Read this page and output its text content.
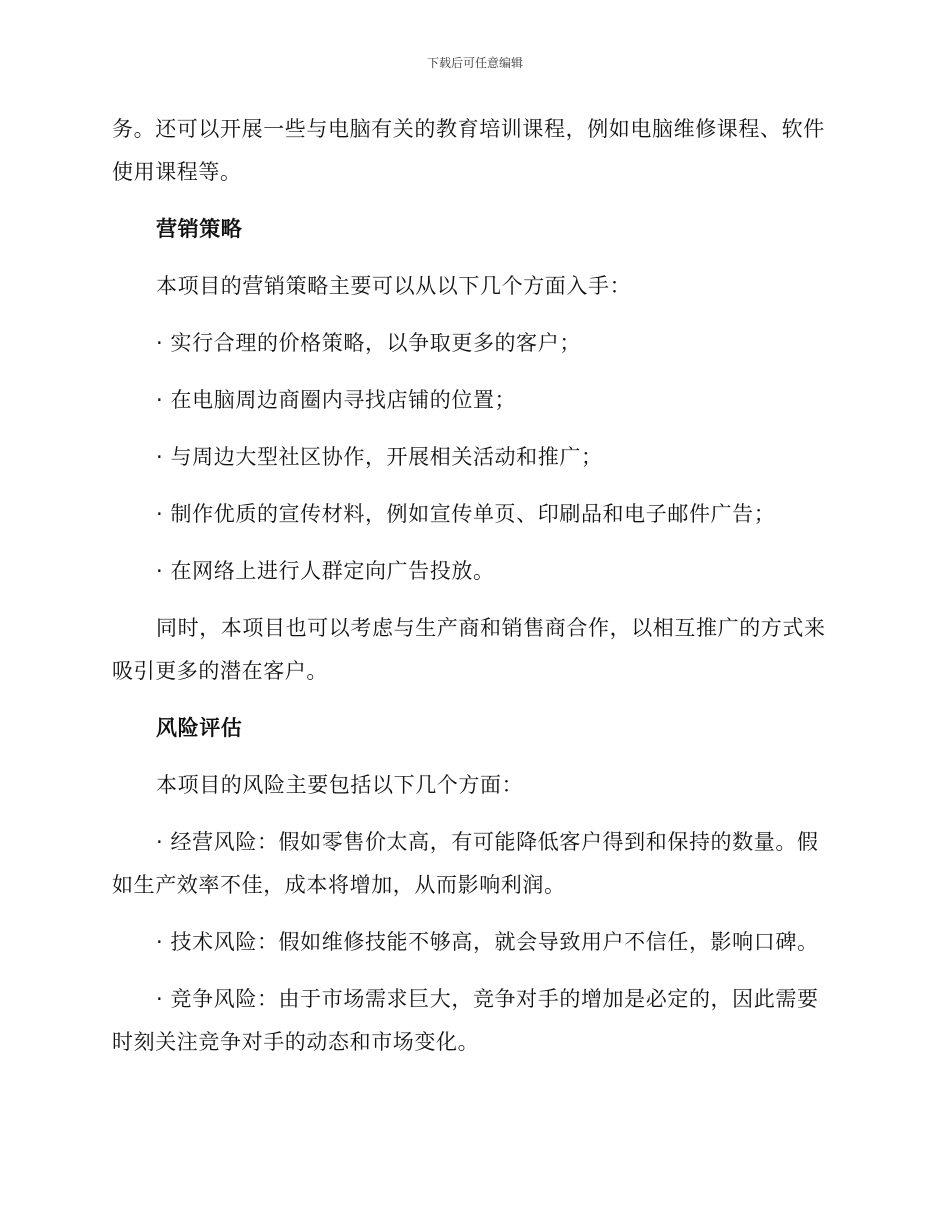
下载后可任意编辑

务。还可以开展一些与电脑有关的教育培训课程，例如电脑维修课程、软件使用课程等。

营销策略

本项目的营销策略主要可以从以下几个方面入手：

· 实行合理的价格策略，以争取更多的客户；

· 在电脑周边商圈内寻找店铺的位置；

· 与周边大型社区协作，开展相关活动和推广；

· 制作优质的宣传材料，例如宣传单页、印刷品和电子邮件广告；

· 在网络上进行人群定向广告投放。

同时，本项目也可以考虑与生产商和销售商合作，以相互推广的方式来吸引更多的潜在客户。

风险评估

本项目的风险主要包括以下几个方面：

· 经营风险：假如零售价太高，有可能降低客户得到和保持的数量。假如生产效率不佳，成本将增加，从而影响利润。

· 技术风险：假如维修技能不够高，就会导致用户不信任，影响口碑。

· 竞争风险：由于市场需求巨大，竞争对手的增加是必定的，因此需要时刻关注竞争对手的动态和市场变化。
